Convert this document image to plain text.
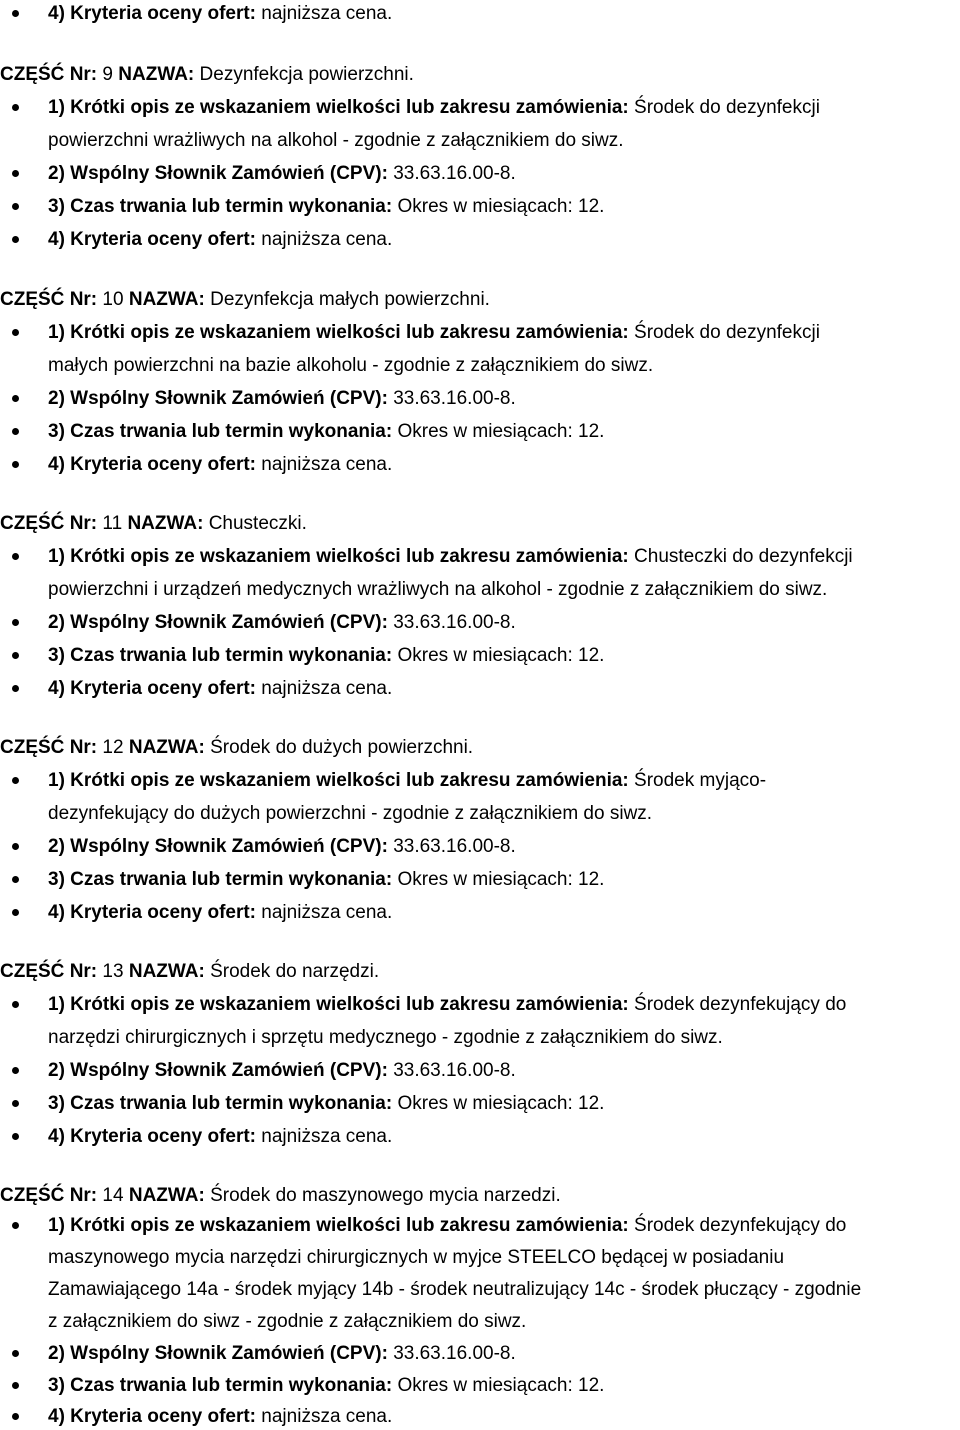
4) Kryteria oceny ofert: najniższa cena.
CZĘŚĆ Nr: 9 NAZWA: Dezynfekcja powierzchni.
1) Krótki opis ze wskazaniem wielkości lub zakresu zamówienia: Środek do dezynfekcji
powierzchni wrażliwych na alkohol - zgodnie z załącznikiem do siwz.
2) Wspólny Słownik Zamówień (CPV): 33.63.16.00-8.
3) Czas trwania lub termin wykonania: Okres w miesiącach: 12.
4) Kryteria oceny ofert: najniższa cena.
CZĘŚĆ Nr: 10 NAZWA: Dezynfekcja małych powierzchni.
1) Krótki opis ze wskazaniem wielkości lub zakresu zamówienia: Środek do dezynfekcji
małych powierzchni na bazie alkoholu - zgodnie z załącznikiem do siwz.
2) Wspólny Słownik Zamówień (CPV): 33.63.16.00-8.
3) Czas trwania lub termin wykonania: Okres w miesiącach: 12.
4) Kryteria oceny ofert: najniższa cena.
CZĘŚĆ Nr: 11 NAZWA: Chusteczki.
1) Krótki opis ze wskazaniem wielkości lub zakresu zamówienia: Chusteczki do dezynfekcji
powierzchni i urządzeń medycznych wrażliwych na alkohol - zgodnie z załącznikiem do siwz.
2) Wspólny Słownik Zamówień (CPV): 33.63.16.00-8.
3) Czas trwania lub termin wykonania: Okres w miesiącach: 12.
4) Kryteria oceny ofert: najniższa cena.
CZĘŚĆ Nr: 12 NAZWA: Środek do dużych powierzchni.
1) Krótki opis ze wskazaniem wielkości lub zakresu zamówienia: Środek myjąco-
dezynfekujący do dużych powierzchni - zgodnie z załącznikiem do siwz.
2) Wspólny Słownik Zamówień (CPV): 33.63.16.00-8.
3) Czas trwania lub termin wykonania: Okres w miesiącach: 12.
4) Kryteria oceny ofert: najniższa cena.
CZĘŚĆ Nr: 13 NAZWA: Środek do narzędzi.
1) Krótki opis ze wskazaniem wielkości lub zakresu zamówienia: Środek dezynfekujący do
narzędzi chirurgicznych i sprzętu medycznego - zgodnie z załącznikiem do siwz.
2) Wspólny Słownik Zamówień (CPV): 33.63.16.00-8.
3) Czas trwania lub termin wykonania: Okres w miesiącach: 12.
4) Kryteria oceny ofert: najniższa cena.
CZĘŚĆ Nr: 14 NAZWA: Środek do maszynowego mycia narzedzi.
1) Krótki opis ze wskazaniem wielkości lub zakresu zamówienia: Środek dezynfekujący do
maszynowego mycia narzędzi chirurgicznych w myjce STEELCO będącej w posiadaniu
Zamawiającego 14a - środek myjący 14b - środek neutralizujący 14c - środek płuczący - zgodnie
z załącznikiem do siwz - zgodnie z załącznikiem do siwz.
2) Wspólny Słownik Zamówień (CPV): 33.63.16.00-8.
3) Czas trwania lub termin wykonania: Okres w miesiącach: 12.
4) Kryteria oceny ofert: najniższa cena.
